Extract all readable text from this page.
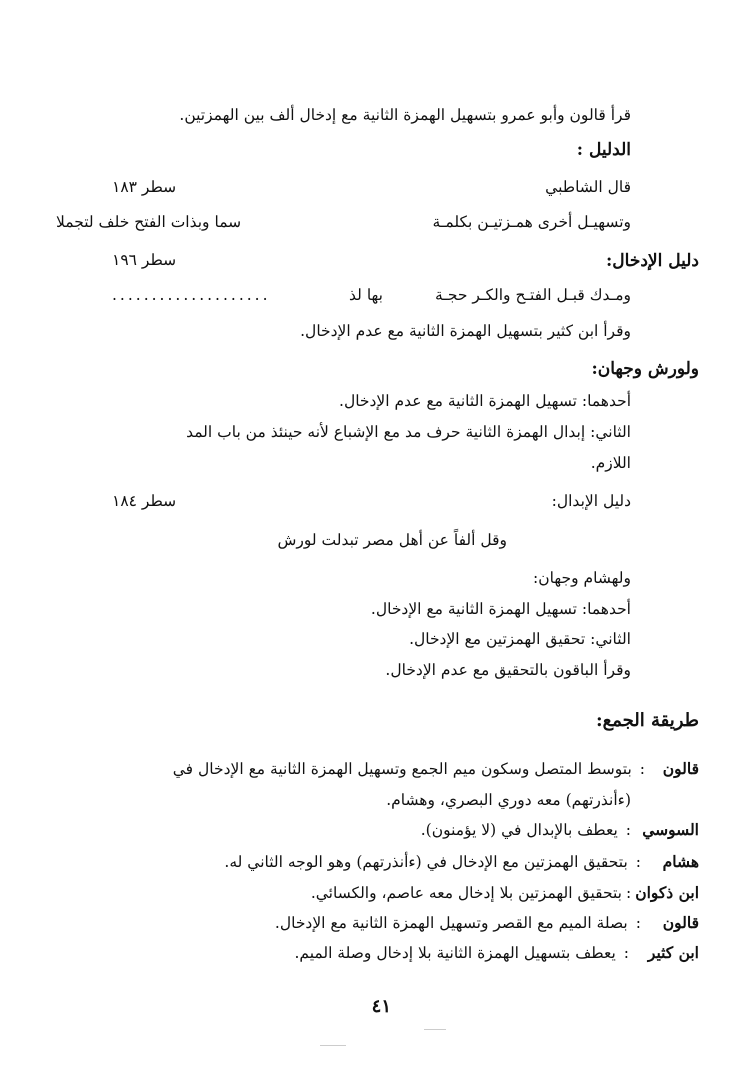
قرأ قالون وأبو عمرو بتسهيل الهمزة الثانية مع إدخال ألف بين الهمزتين.
الدليل :
قال الشاطبي
سطر ١٨٣
وتسهيـل أخرى همـزتيـن بكلمـة
سما وبذات الفتح خلف لتجملا
دليل الإدخال:
سطر ١٩٦
ومـدك قبـل الفتـح والكـر حجـة
بها لذ
....................
وقرأ ابن كثير بتسهيل الهمزة الثانية مع عدم الإدخال.
ولورش وجهان:
أحدهما: تسهيل الهمزة الثانية مع عدم الإدخال.
الثاني: إبدال الهمزة الثانية حرف مد مع الإشباع لأنه حينئذ من باب المد
اللازم.
دليل الإبدال:
سطر ١٨٤
وقل ألفاً عن أهل مصر تبدلت لورش
ولهشام وجهان:
أحدهما: تسهيل الهمزة الثانية مع الإدخال.
الثاني: تحقيق الهمزتين مع الإدخال.
وقرأ الباقون بالتحقيق مع عدم الإدخال.
طريقة الجمع:
قالون:بتوسط المتصل وسكون ميم الجمع وتسهيل الهمزة الثانية مع الإدخال في
(ءأنذرتهم) معه دوري البصري، وهشام.
السوسي:يعطف بالإبدال في (لا يؤمنون).
هشام:بتحقيق الهمزتين مع الإدخال في (ءأنذرتهم) وهو الوجه الثاني له.
ابن ذكوان:بتحقيق الهمزتين بلا إدخال معه عاصم، والكسائي.
قالون:بصلة الميم مع القصر وتسهيل الهمزة الثانية مع الإدخال.
ابن كثير:يعطف بتسهيل الهمزة الثانية بلا إدخال وصلة الميم.
٤١
